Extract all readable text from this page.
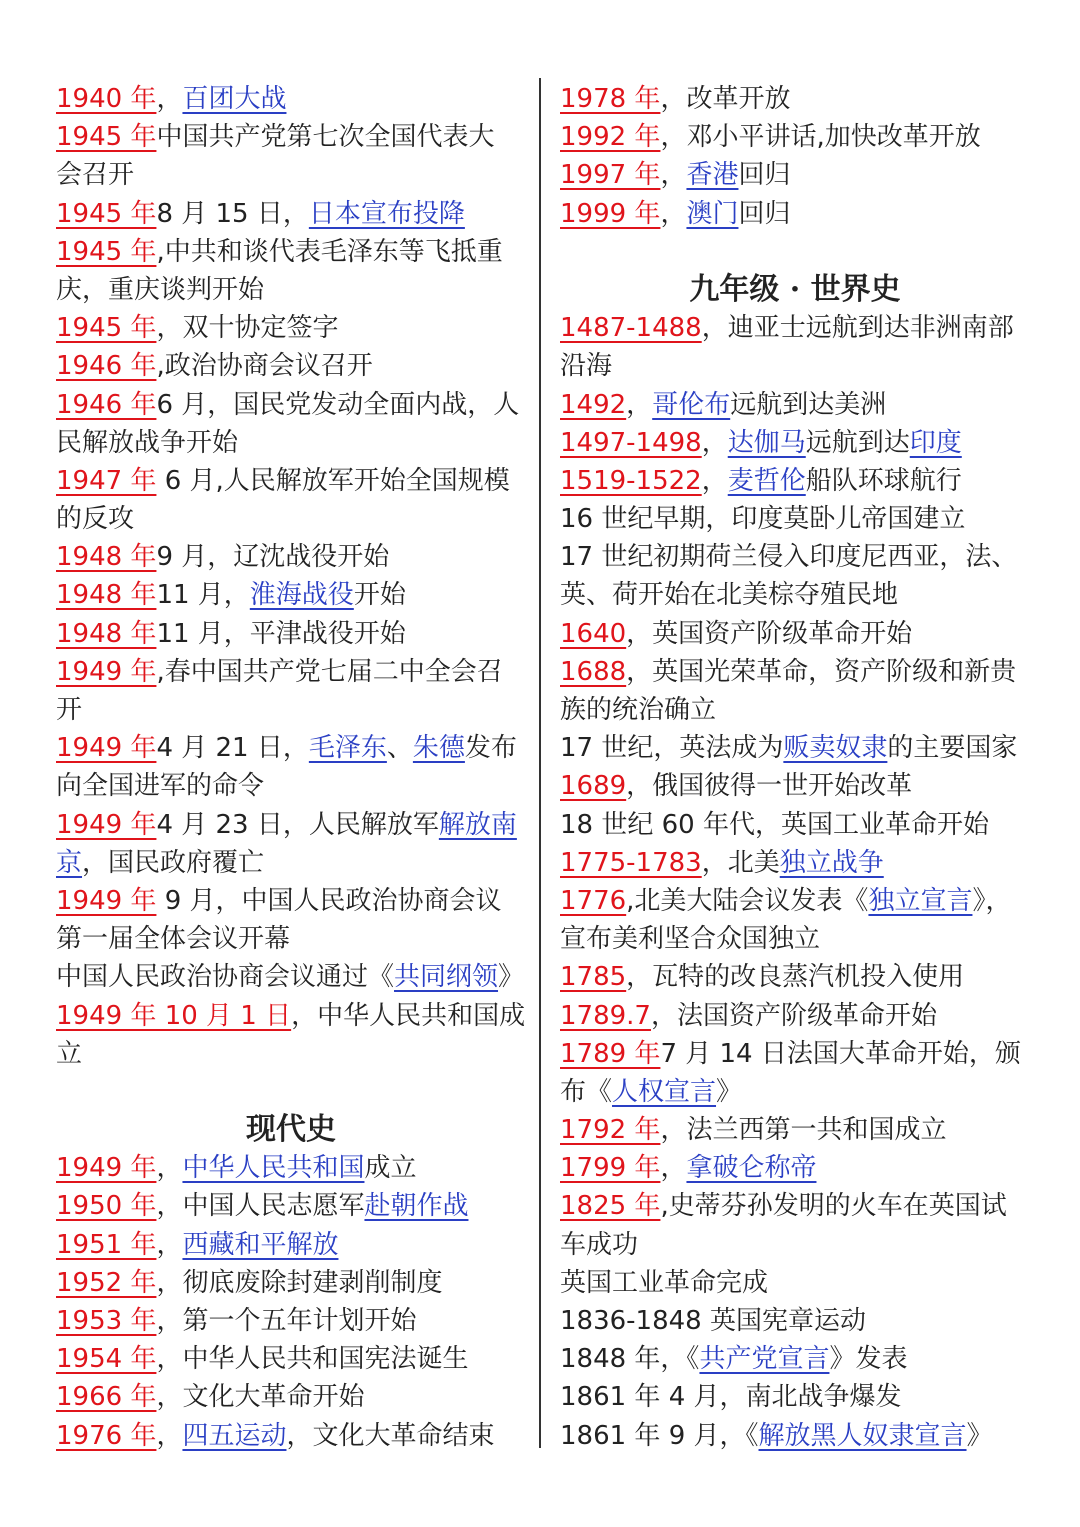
1940 年，百团大战
1945 年中国共产党第七次全国代表大
会召开
1945 年8 月 15 日，日本宣布投降
1945 年,中共和谈代表毛泽东等飞抵重
庆，重庆谈判开始
1945 年，双十协定签字
1946 年,政治协商会议召开
1946 年6 月，国民党发动全面内战，人
民解放战争开始
1947 年 6 月,人民解放军开始全国规模
的反攻
1948 年9 月，辽沈战役开始
1948 年11 月，淮海战役开始
1948 年11 月，平津战役开始
1949 年,春中国共产党七届二中全会召
开
1949 年4 月 21 日，毛泽东、朱德发布
向全国进军的命令
1949 年4 月 23 日，人民解放军解放南
京，国民政府覆亡
1949 年 9 月，中国人民政治协商会议
第一届全体会议开幕
中国人民政治协商会议通过《共同纲领》
1949 年 10 月 1 日，中华人民共和国成
立
现代史
1949 年，中华人民共和国成立
1950 年，中国人民志愿军赴朝作战
1951 年，西藏和平解放
1952 年，彻底废除封建剥削制度
1953 年，第一个五年计划开始
1954 年，中华人民共和国宪法诞生
1966 年，文化大革命开始
1976 年，四五运动，文化大革命结束
1978 年，改革开放
1992 年，邓小平讲话,加快改革开放
1997 年，香港回归
1999 年，澳门回归
九年级 · 世界史
1487-1488，迪亚士远航到达非洲南部
沿海
1492，哥伦布远航到达美洲
1497-1498，达伽马远航到达印度
1519-1522，麦哲伦船队环球航行
16 世纪早期，印度莫卧儿帝国建立
17 世纪初期荷兰侵入印度尼西亚，法、
英、荷开始在北美棕夺殖民地
1640，英国资产阶级革命开始
1688，英国光荣革命，资产阶级和新贵
族的统治确立
17 世纪，英法成为贩卖奴隶的主要国家
1689，俄国彼得一世开始改革
18 世纪 60 年代，英国工业革命开始
1775-1783，北美独立战争
1776,北美大陆会议发表《独立宣言》，
宣布美利坚合众国独立
1785，瓦特的改良蒸汽机投入使用
1789.7，法国资产阶级革命开始
1789 年7 月 14 日法国大革命开始，颁
布《人权宣言》
1792 年，法兰西第一共和国成立
1799 年，拿破仑称帝
1825 年,史蒂芬孙发明的火车在英国试
车成功
英国工业革命完成
1836-1848 英国宪章运动
1848 年，《共产党宣言》发表
1861 年 4 月，南北战争爆发
1861 年 9 月，《解放黑人奴隶宣言》
